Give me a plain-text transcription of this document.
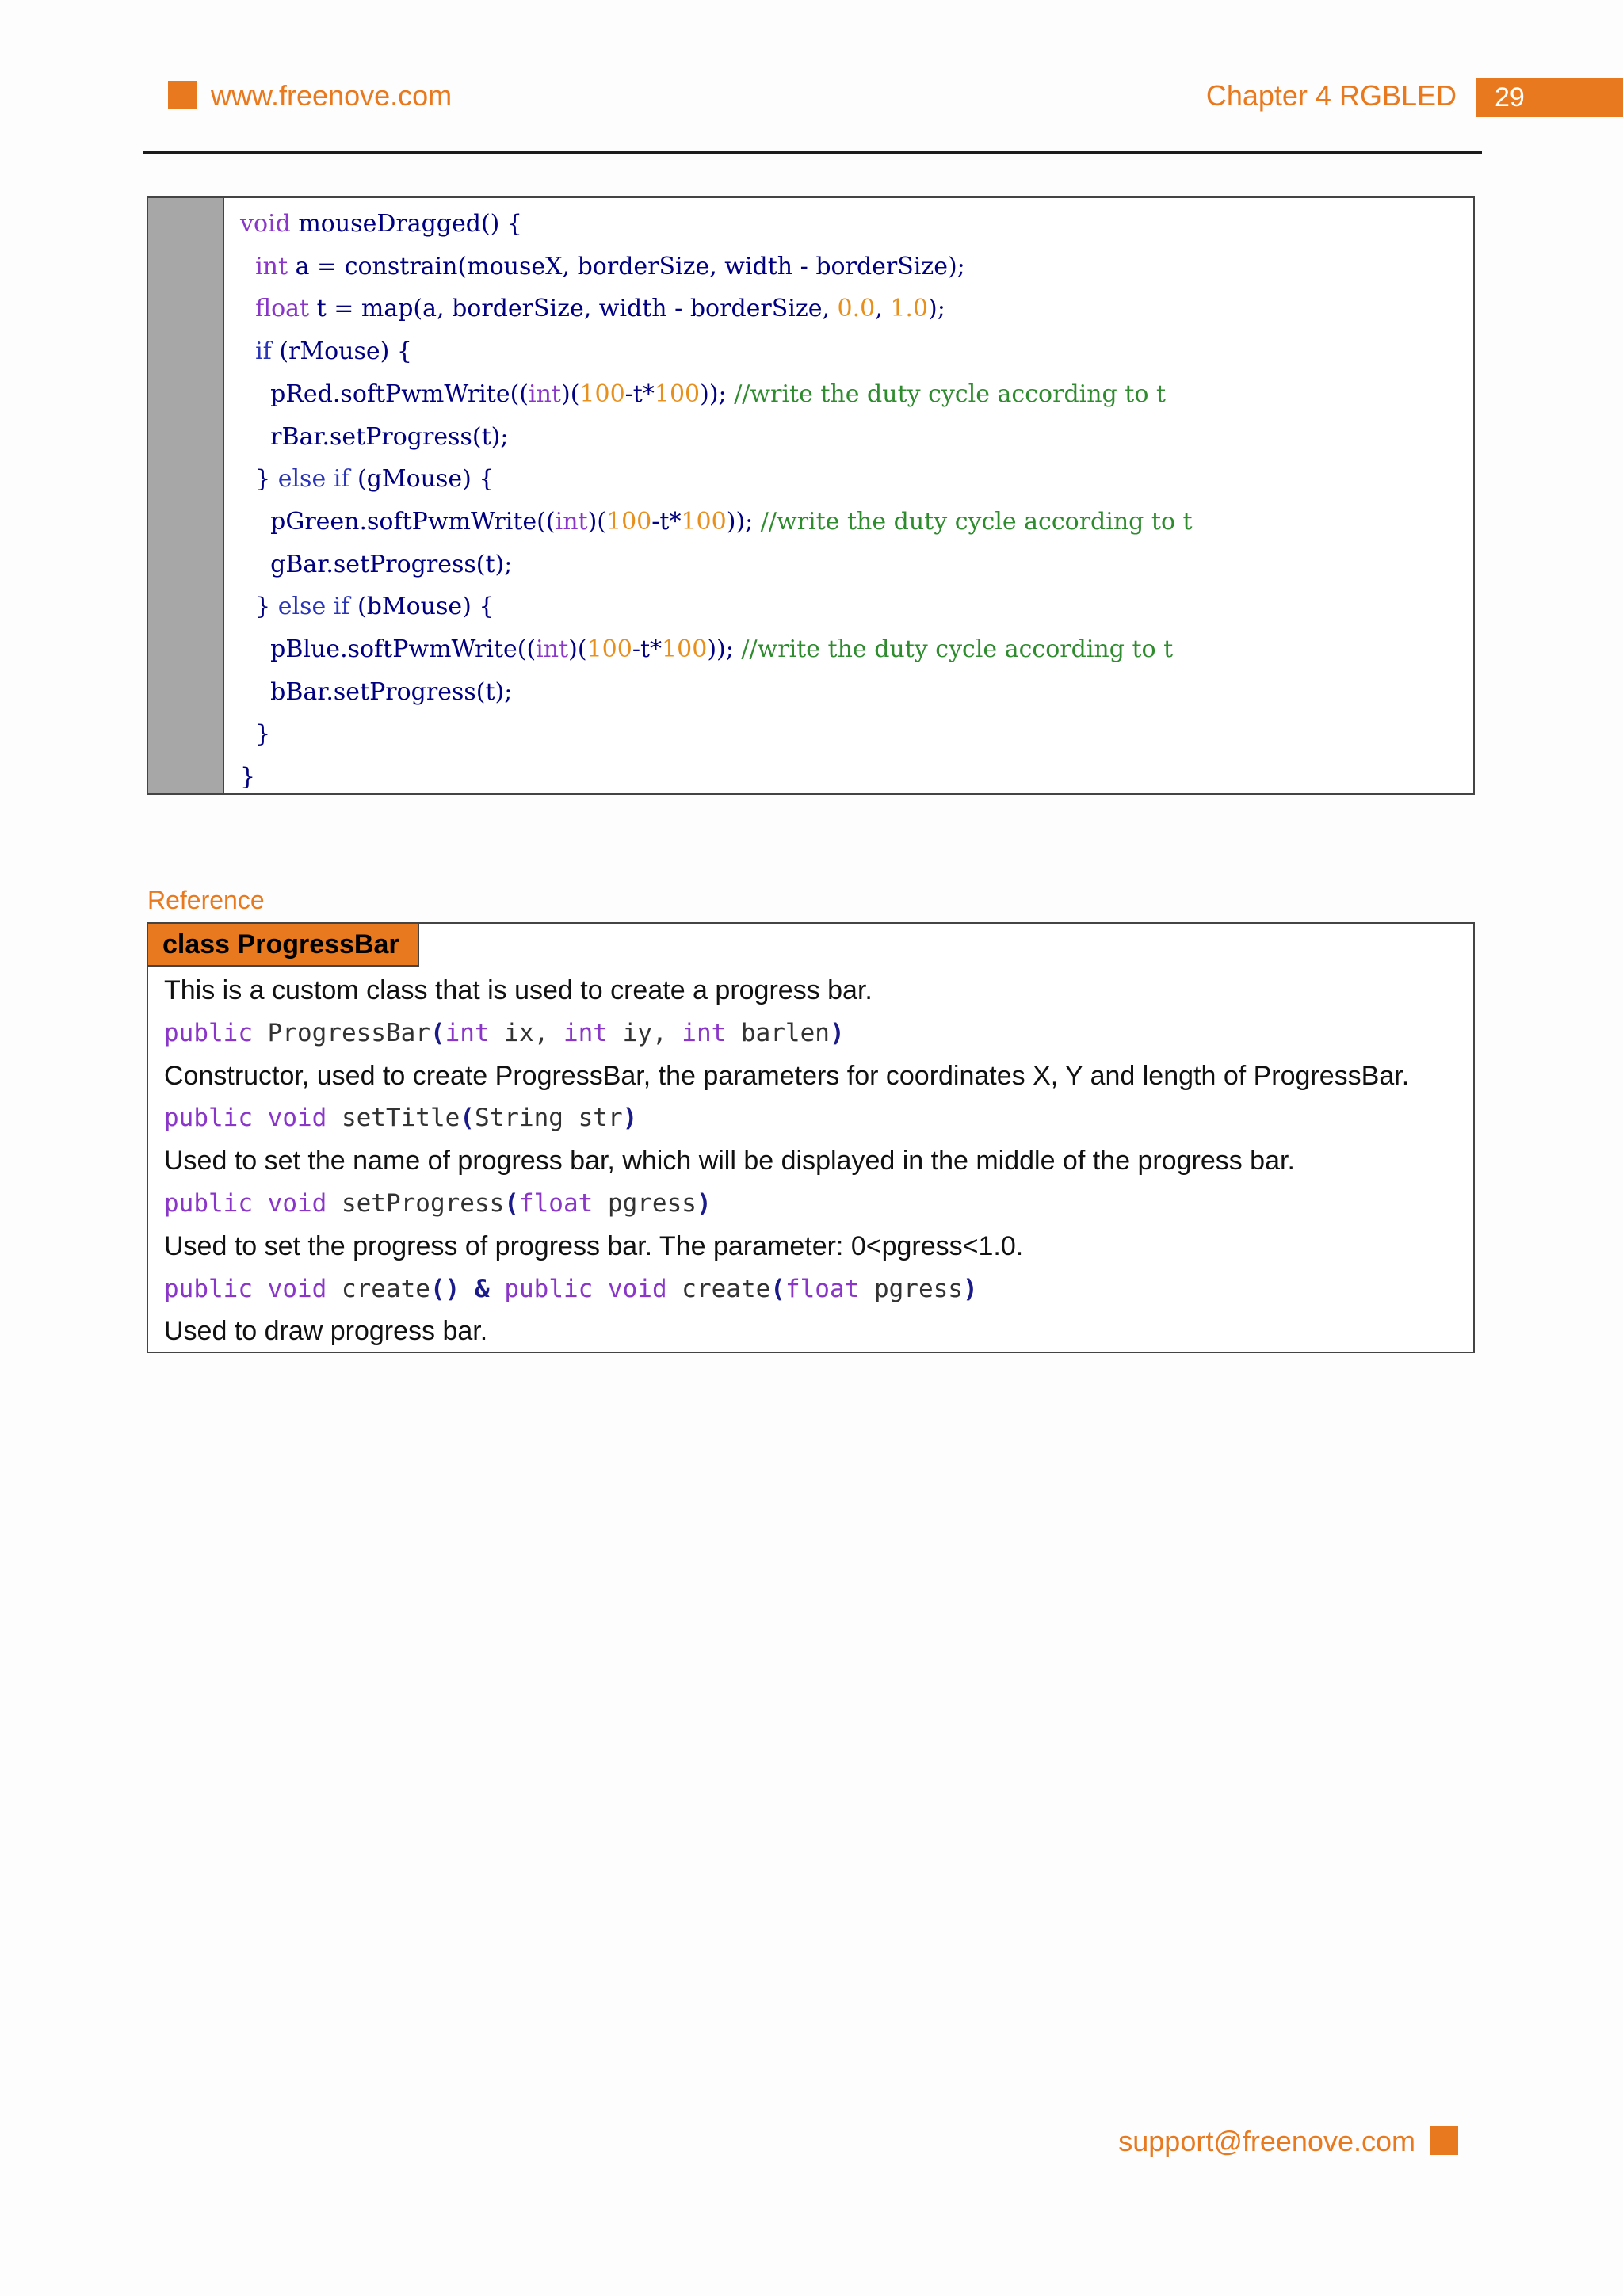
www.freenove.com	Chapter 4 RGBLED	29
void mouseDragged() {
int a = constrain(mouseX, borderSize, width - borderSize);
float t = map(a, borderSize, width - borderSize, 0.0, 1.0);
if (rMouse) {
pRed.softPwmWrite((int)(100-t*100)); //write the duty cycle according to t
rBar.setProgress(t);
} else if (gMouse) {
pGreen.softPwmWrite((int)(100-t*100)); //write the duty cycle according to t
gBar.setProgress(t);
} else if (bMouse) {
pBlue.softPwmWrite((int)(100-t*100)); //write the duty cycle according to t
bBar.setProgress(t);
}
}
Reference
class ProgressBar
This is a custom class that is used to create a progress bar.
public ProgressBar(int ix, int iy, int barlen)
Constructor, used to create ProgressBar, the parameters for coordinates X, Y and length of ProgressBar.
public void setTitle(String str)
Used to set the name of progress bar, which will be displayed in the middle of the progress bar.
public void setProgress(float pgress)
Used to set the progress of progress bar. The parameter: 0<pgress<1.0.
public void create() & public void create(float pgress)
Used to draw progress bar.
support@freenove.com
